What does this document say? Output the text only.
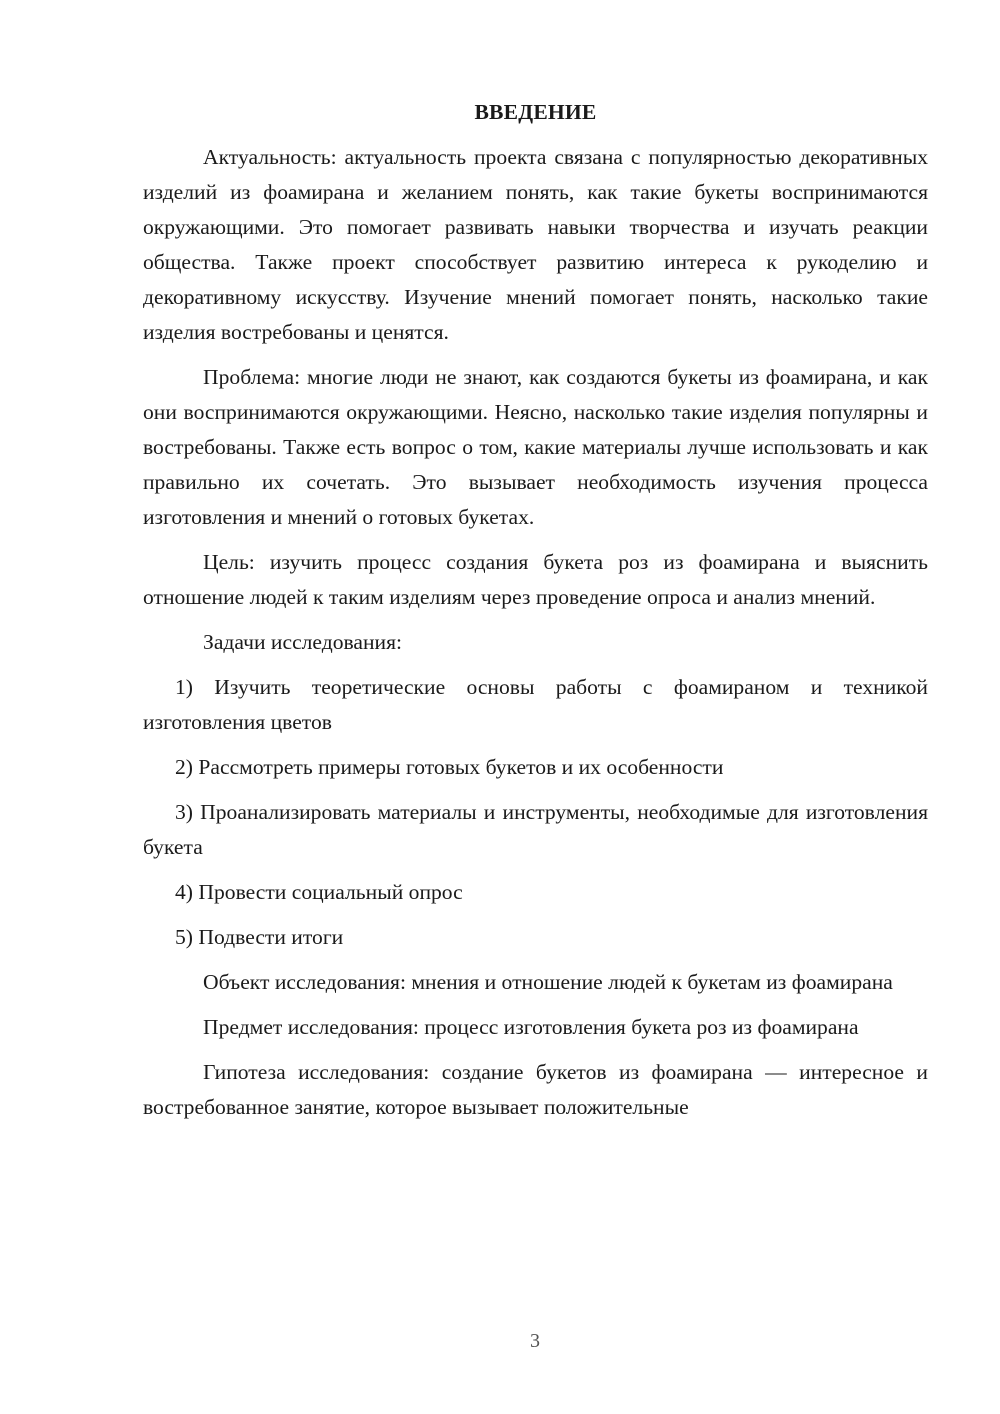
ВВЕДЕНИЕ

Актуальность: актуальность проекта связана с популярностью декоративных изделий из фоамирана и желанием понять, как такие букеты воспринимаются окружающими. Это помогает развивать навыки творчества и изучать реакции общества. Также проект способствует развитию интереса к рукоделию и декоративному искусству. Изучение мнений помогает понять, насколько такие изделия востребованы и ценятся.

Проблема: многие люди не знают, как создаются букеты из фоамирана, и как они воспринимаются окружающими. Неясно, насколько такие изделия популярны и востребованы. Также есть вопрос о том, какие материалы лучше использовать и как правильно их сочетать. Это вызывает необходимость изучения процесса изготовления и мнений о готовых букетах.

Цель: изучить процесс создания букета роз из фоамирана и выяснить отношение людей к таким изделиям через проведение опроса и анализ мнений.

Задачи исследования:

1) Изучить теоретические основы работы с фоамираном и техникой изготовления цветов

2) Рассмотреть примеры готовых букетов и их особенности

3) Проанализировать материалы и инструменты, необходимые для изготовления букета

4) Провести социальный опрос

5) Подвести итоги

Объект исследования: мнения и отношение людей к букетам из фоамирана

Предмет исследования: процесс изготовления букета роз из фоамирана

Гипотеза исследования: создание букетов из фоамирана — интересное и востребованное занятие, которое вызывает положительные

3
